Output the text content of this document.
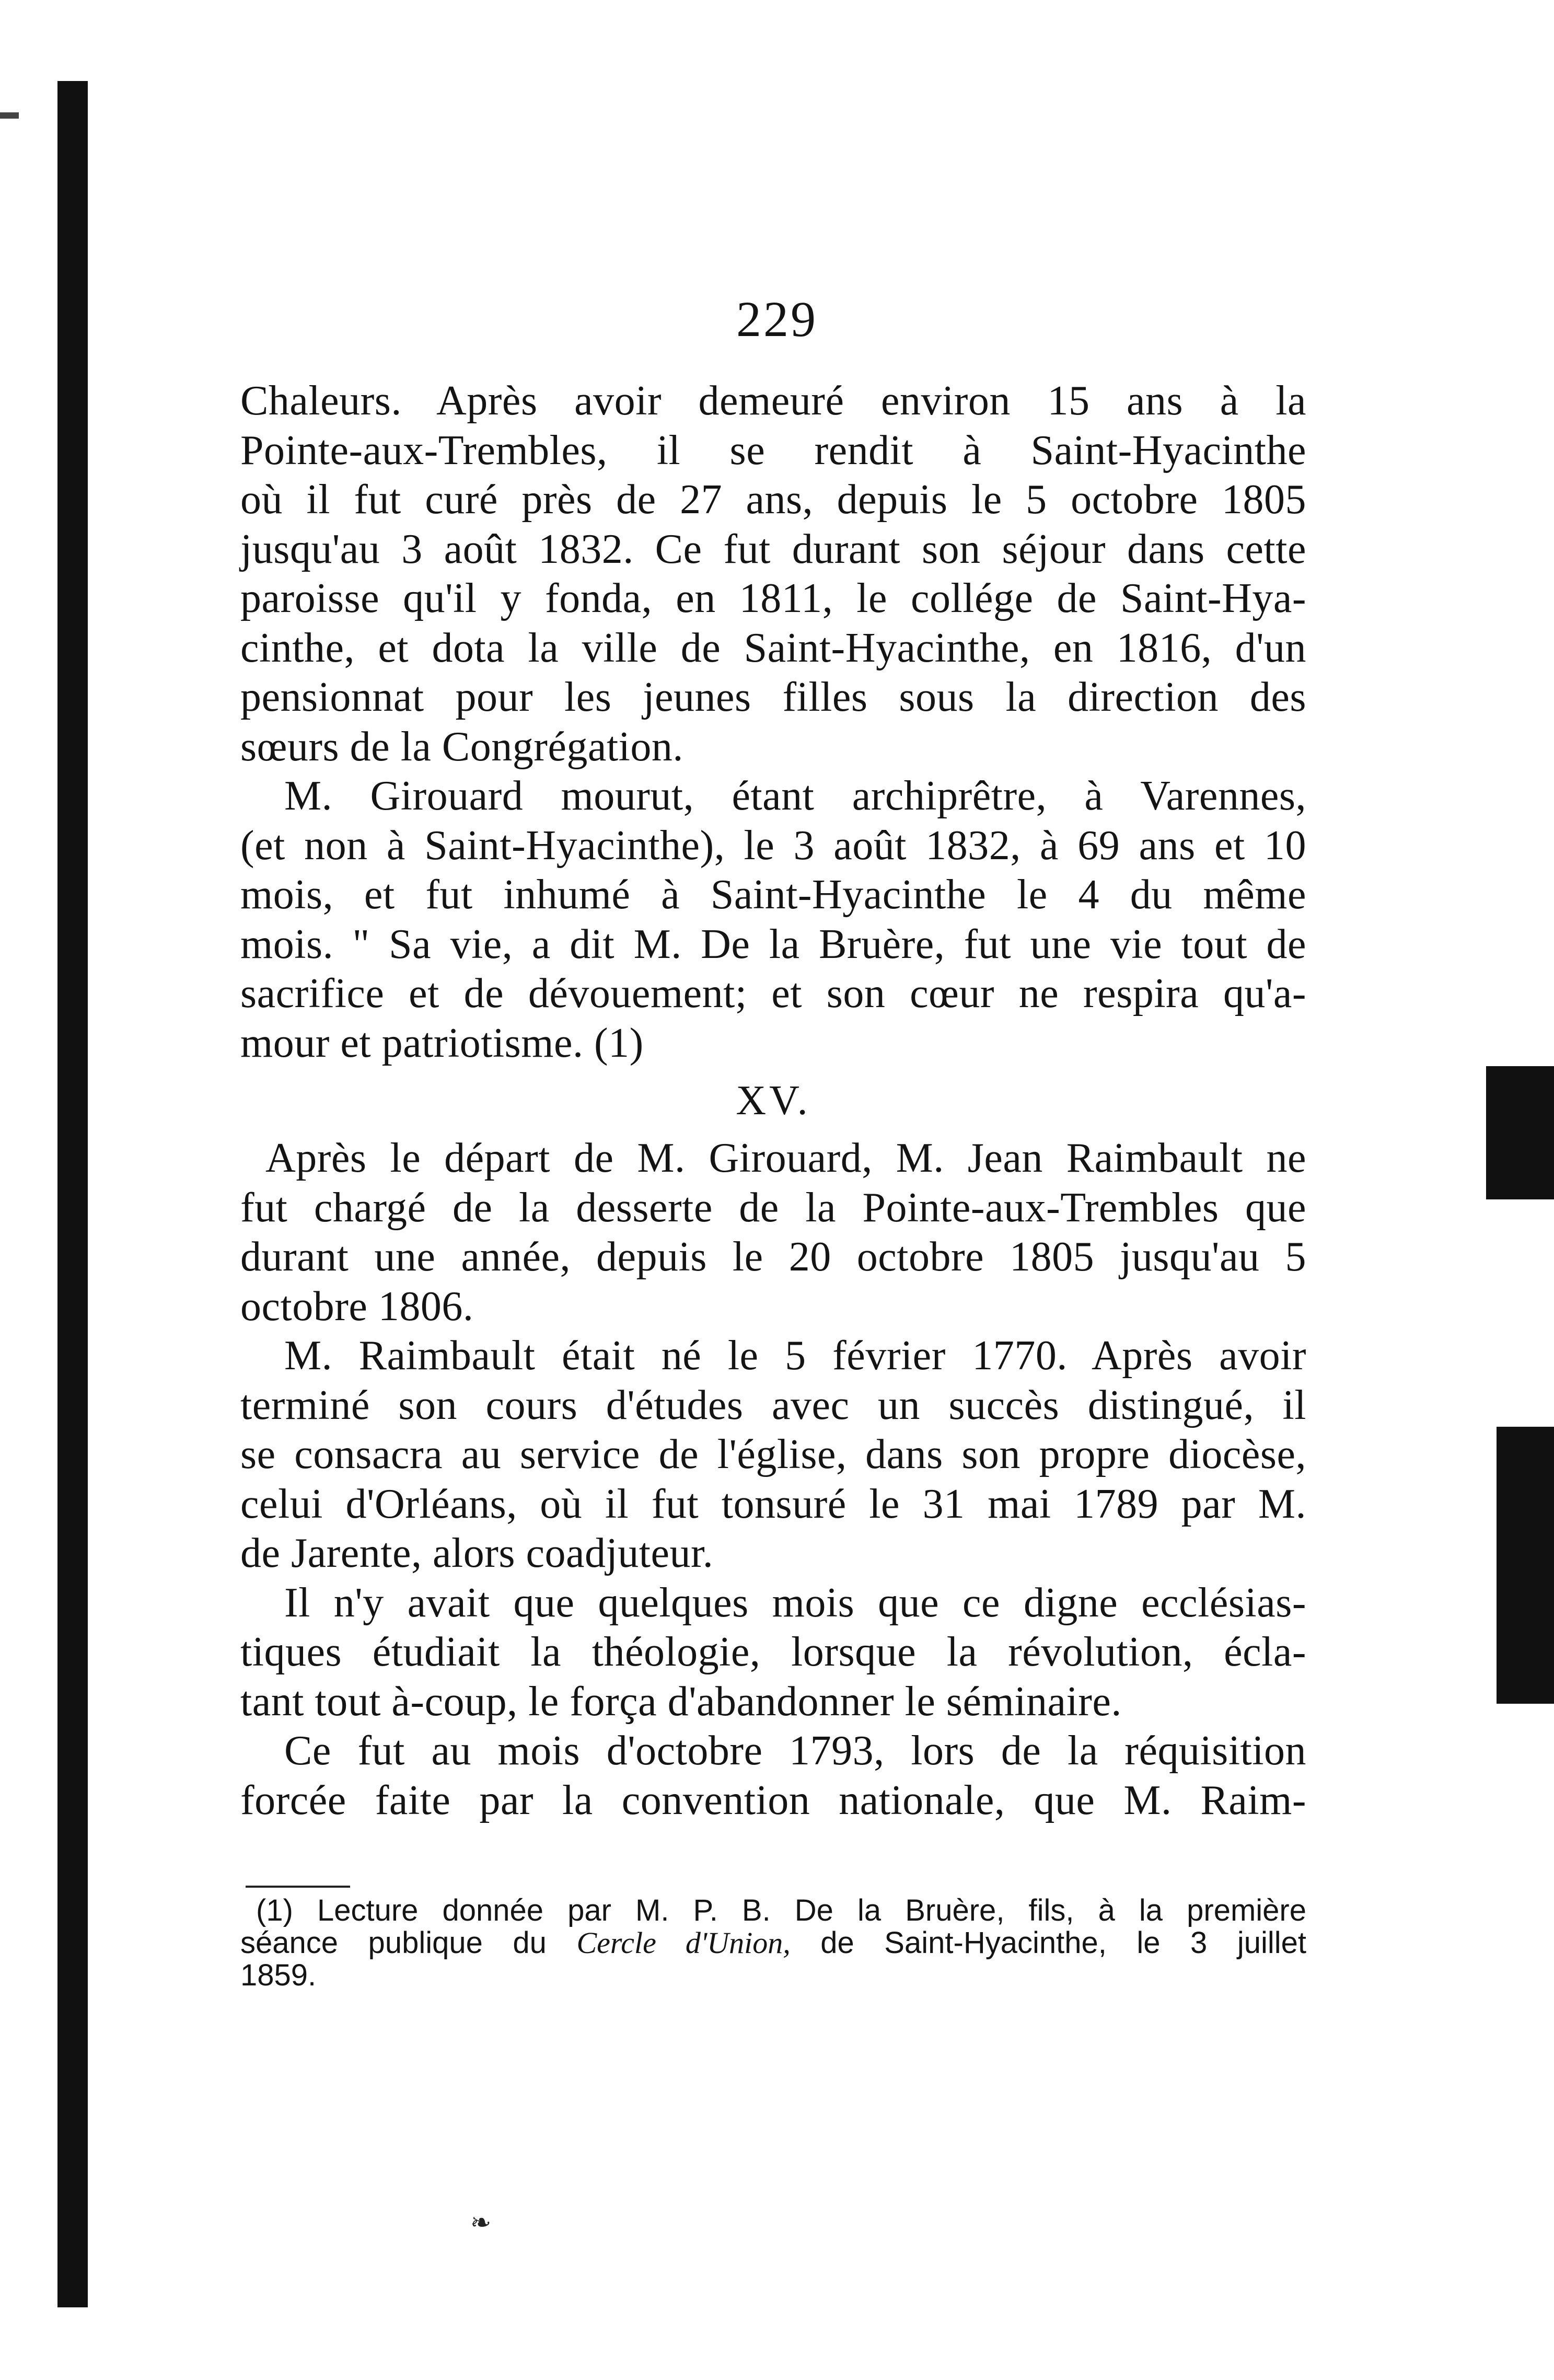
229
Chaleurs. Après avoir demeuré environ 15 ans à la
Pointe-aux-Trembles, il se rendit à Saint-Hyacinthe
où il fut curé près de 27 ans, depuis le 5 octobre 1805
jusqu'au 3 août 1832. Ce fut durant son séjour dans cette
paroisse qu'il y fonda, en 1811, le collége de Saint-Hya-
cinthe, et dota la ville de Saint-Hyacinthe, en 1816, d'un
pensionnat pour les jeunes filles sous la direction des
sœurs de la Congrégation.
M. Girouard mourut, étant archiprêtre, à Varennes,
(et non à Saint-Hyacinthe), le 3 août 1832, à 69 ans et 10
mois, et fut inhumé à Saint-Hyacinthe le 4 du même
mois. " Sa vie, a dit M. De la Bruère, fut une vie tout de
sacrifice et de dévouement; et son cœur ne respira qu'a-
mour et patriotisme. (1)
XV.
Après le départ de M. Girouard, M. Jean Raimbault ne
fut chargé de la desserte de la Pointe-aux-Trembles que
durant une année, depuis le 20 octobre 1805 jusqu'au 5
octobre 1806.
M. Raimbault était né le 5 février 1770. Après avoir
terminé son cours d'études avec un succès distingué, il
se consacra au service de l'église, dans son propre diocèse,
celui d'Orléans, où il fut tonsuré le 31 mai 1789 par M.
de Jarente, alors coadjuteur.
Il n'y avait que quelques mois que ce digne ecclésias-
tiques étudiait la théologie, lorsque la révolution, écla-
tant tout à-coup, le força d'abandonner le séminaire.
Ce fut au mois d'octobre 1793, lors de la réquisition
forcée faite par la convention nationale, que M. Raim-
(1) Lecture donnée par M. P. B. De la Bruère, fils, à la première
séance publique du Cercle d'Union, de Saint-Hyacinthe, le 3 juillet
1859.
❧
